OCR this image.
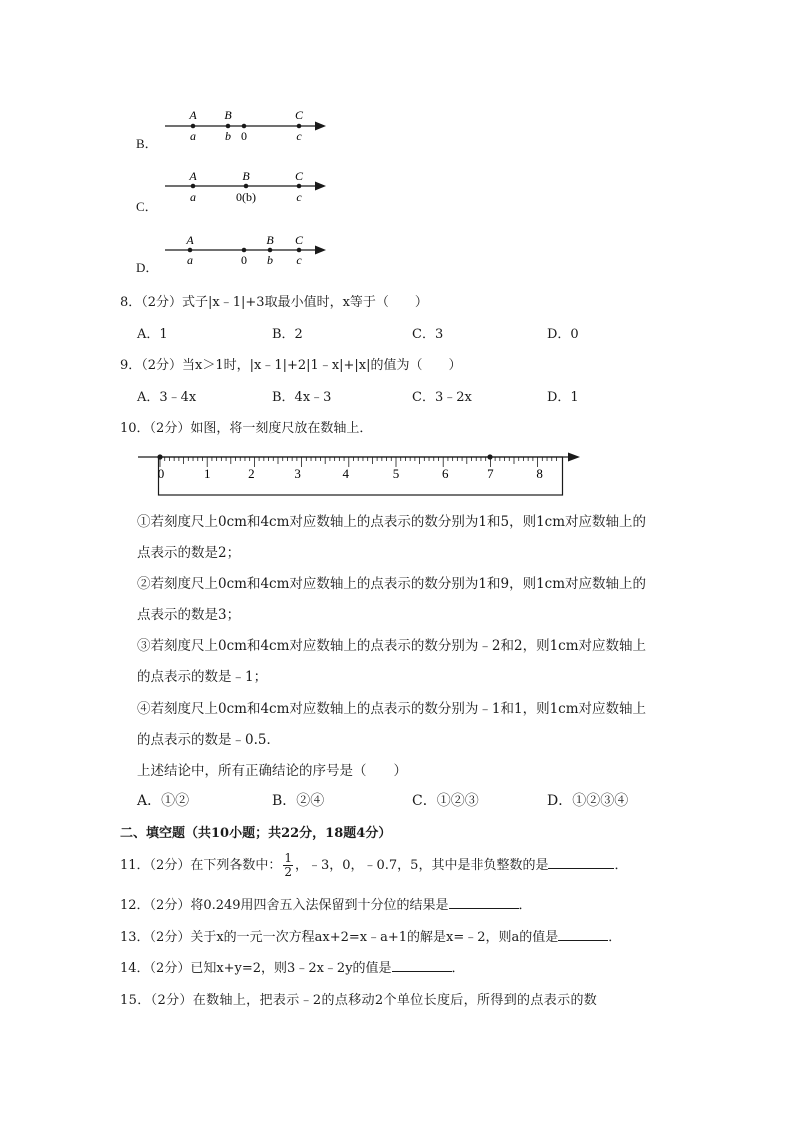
B．
A B	C
a b 0	c
C．
A	B	C
a	0(b)	c
D．
A	B C
a	0 b c
8．（2分）式子|x﹣1|+3取最小值时，x等于（　　）
A．1	B．2	C．3	D．0
9．（2分）当x＞1时，|x﹣1|+2|1﹣x|+|x|的值为（　　）
A．3﹣4x	B．4x﹣3	C．3﹣2x	D．1
10．（2分）如图，将一刻度尺放在数轴上．
0	1	2	3	4	5	6	7	8
①若刻度尺上0cm和4cm对应数轴上的点表示的数分别为1和5，则1cm对应数轴上的
点表示的数是2；
②若刻度尺上0cm和4cm对应数轴上的点表示的数分别为1和9，则1cm对应数轴上的
点表示的数是3；
③若刻度尺上0cm和4cm对应数轴上的点表示的数分别为﹣2和2，则1cm对应数轴上
的点表示的数是﹣1；
④若刻度尺上0cm和4cm对应数轴上的点表示的数分别为﹣1和1，则1cm对应数轴上
的点表示的数是﹣0.5．
上述结论中，所有正确结论的序号是（　　）
A．①②	B．②④	C．①②③	D．①②③④
二、填空题（共10小题；共22分，18题4分）
11．（2分）在下列各数中： $\frac{1}{2}$ ，﹣3，0，﹣0.7，5，其中是非负整数的是	．
12．（2分）将0.249用四舍五入法保留到十分位的结果是	．
13．（2分）关于x的一元一次方程ax+2=x﹣a+1的解是x=﹣2，则a的值是	．
14．（2分）已知x+y=2，则3﹣2x﹣2y的值是	．
15．（2分）在数轴上，把表示﹣2的点移动2个单位长度后，所得到的点表示的数
